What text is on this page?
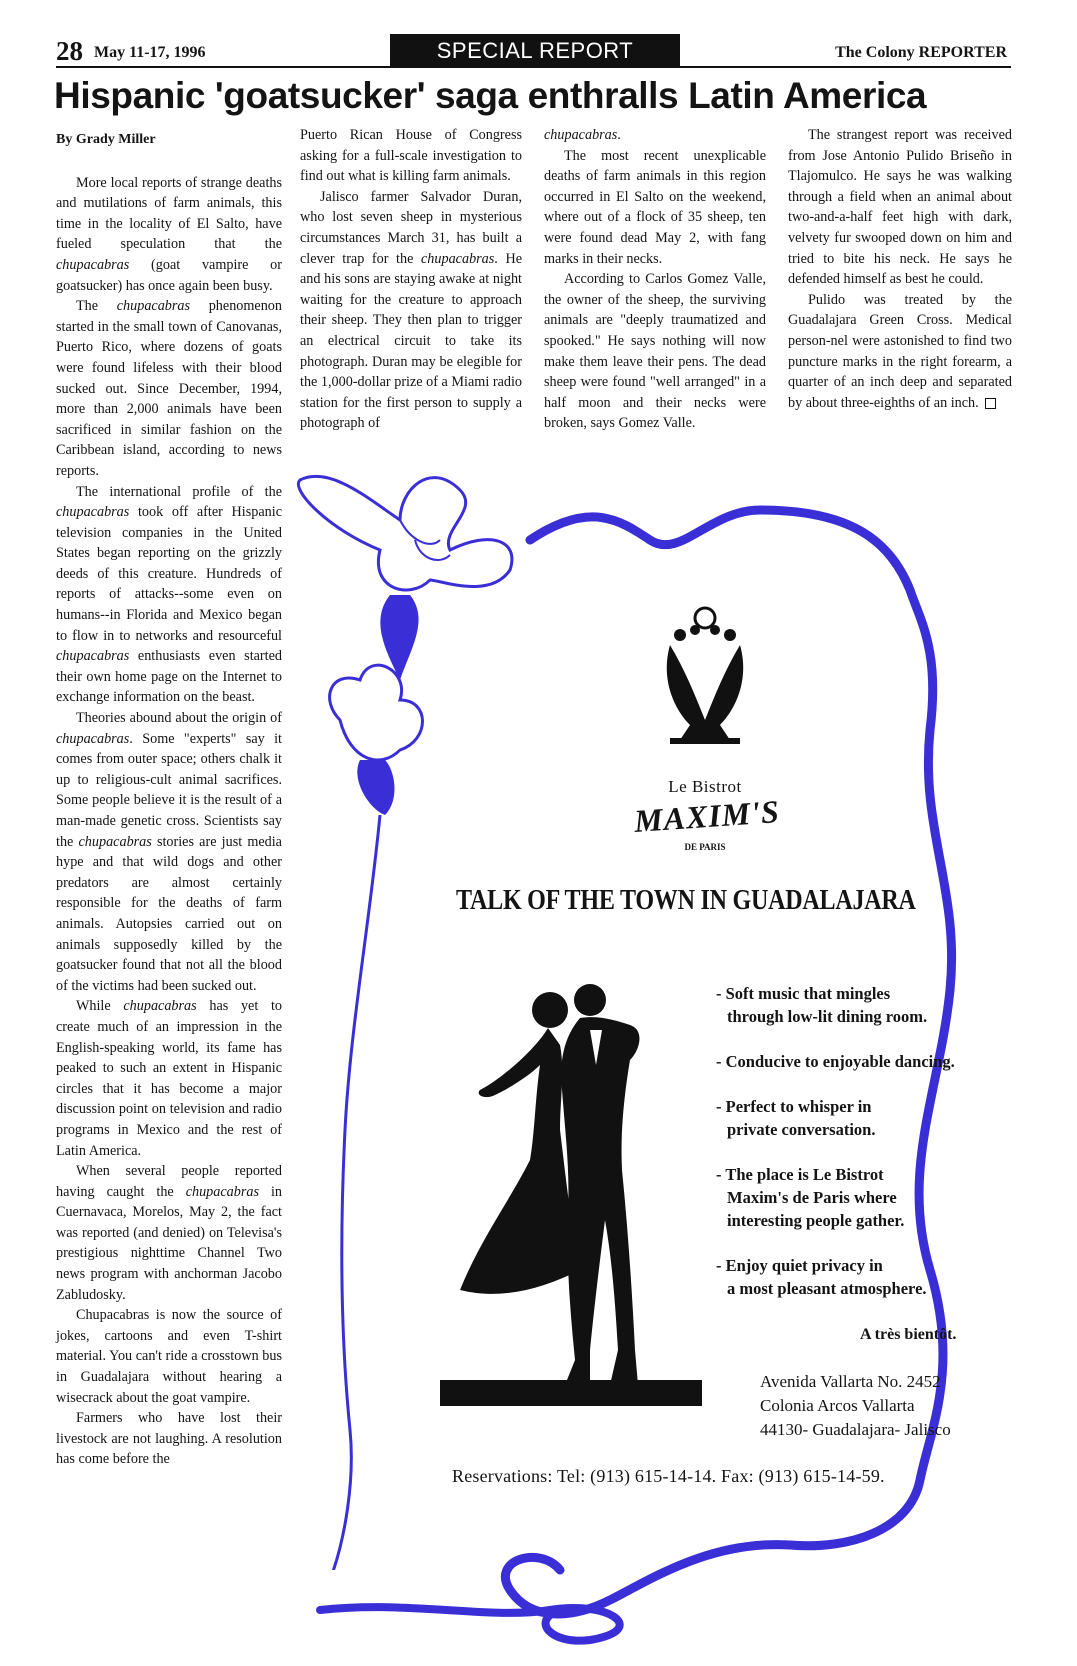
28 May 11-17, 1996	SPECIAL REPORT	The Colony REPORTER
Hispanic 'goatsucker' saga enthralls Latin America
By Grady Miller

More local reports of strange deaths and mutilations of farm animals, this time in the locality of El Salto, have fueled speculation that the chupacabras (goat vampire or goatsucker) has once again been busy.

The chupacabras phenomenon started in the small town of Canovanas, Puerto Rico, where dozens of goats were found lifeless with their blood sucked out. Since December, 1994, more than 2,000 animals have been sacrificed in similar fashion on the Caribbean island, according to news reports.

The international profile of the chupacabras took off after Hispanic television companies in the United States began reporting on the grizzly deeds of this creature. Hundreds of reports of attacks--some even on humans--in Florida and Mexico began to flow in to networks and resourceful chupacabras enthusiasts even started their own home page on the Internet to exchange information on the beast.

Theories abound about the origin of chupacabras. Some "experts" say it comes from outer space; others chalk it up to religious-cult animal sacrifices. Some people believe it is the result of a man-made genetic cross. Scientists say the chupacabras stories are just media hype and that wild dogs and other predators are almost certainly responsible for the deaths of farm animals. Autopsies carried out on animals supposedly killed by the goatsucker found that not all the blood of the victims had been sucked out.

While chupacabras has yet to create much of an impression in the English-speaking world, its fame has peaked to such an extent in Hispanic circles that it has become a major discussion point on television and radio programs in Mexico and the rest of Latin America.

When several people reported having caught the chupacabras in Cuernavaca, Morelos, May 2, the fact was reported (and denied) on Televisa's prestigious nighttime Channel Two news program with anchorman Jacobo Zabludosky.

Chupacabras is now the source of jokes, cartoons and even T-shirt material. You can't ride a crosstown bus in Guadalajara without hearing a wisecrack about the goat vampire.

Farmers who have lost their livestock are not laughing. A resolution has come before the

Puerto Rican House of Congress asking for a full-scale investigation to find out what is killing farm animals.

Jalisco farmer Salvador Duran, who lost seven sheep in mysterious circumstances March 31, has built a clever trap for the chupacabras. He and his sons are staying awake at night waiting for the creature to approach their sheep. They then plan to trigger an electrical circuit to take its photograph. Duran may be elegible for the 1,000-dollar prize of a Miami radio station for the first person to supply a photograph of

chupacabras.

The most recent unexplicable deaths of farm animals in this region occurred in El Salto on the weekend, where out of a flock of 35 sheep, ten were found dead May 2, with fang marks in their necks.

According to Carlos Gomez Valle, the owner of the sheep, the surviving animals are "deeply traumatized and spooked." He says nothing will now make them leave their pens. The dead sheep were found "well arranged" in a half moon and their necks were broken, says Gomez Valle.

The strangest report was received from Jose Antonio Pulido Briseño in Tlajomulco. He says he was walking through a field when an animal about two-and-a-half feet high with dark, velvety fur swooped down on him and tried to bite his neck. He says he defended himself as best he could.

Pulido was treated by the Guadalajara Green Cross. Medical person-nel were astonished to find two puncture marks in the right forearm, a quarter of an inch deep and separated by about three-eighths of an inch.

Le Bistrot
MAXIM'S
DE PARIS
TALK OF THE TOWN IN GUADALAJARA
- Soft music that mingles
through low-lit dining room.
- Conducive to enjoyable dancing.
- Perfect to whisper in
private conversation.
- The place is Le Bistrot
Maxim's de Paris where
interesting people gather.
- Enjoy quiet privacy in
a most pleasant atmosphere.
A très bientôt.
Avenida Vallarta No. 2452
Colonia Arcos Vallarta
44130- Guadalajara- Jalisco
Reservations: Tel: (913) 615-14-14. Fax: (913) 615-14-59.
